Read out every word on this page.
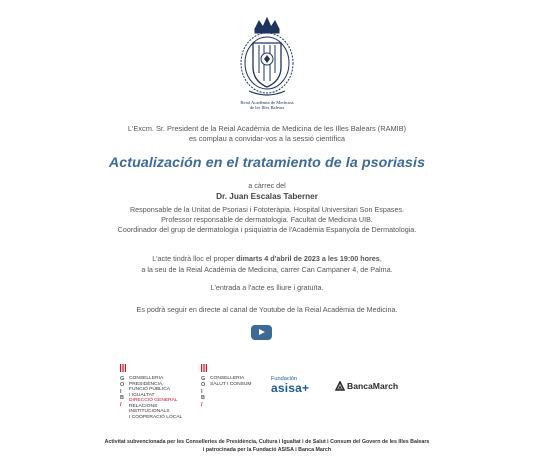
Reial Acadèmia de Medicina
de les Illes Balears
L'Excm. Sr. President de la Reial Acadèmia de Medicina de les Illes Balears (RAMIB)
es complau a convidar-vos a la sessió científica
Actualización en el tratamiento de la psoriasis
a càrrec del
Dr. Juan Escalas Taberner
Responsable de la Unitat de Psoriasi i Fototeràpia. Hospital Universitari Son Espases.
Professor responsable de dermatologia. Facultat de Medicina UIB.
Coordinador del grup de dermatologia i psiquiatria de l'Acadèmia Espanyola de Dermatologia.
L'acte tindrà lloc el proper dimarts 4 d'abril de 2023 a les 19:00 hores,
a la seu de la Reial Acadèmia de Medicina, carrer Can Campaner 4, de Palma.
L'entrada a l'acte es lliure i gratuïta.
Es podrà seguir en directe al canal de Youtube de la Reial Acadèmia de Medicina.
G
O
I
B
/
CONSELLERIA
PRESIDÈNCIA,
FUNCIÓ PÚBLICA
I IGUALTAT
DIRECCIÓ GENERAL
RELACIONS
INSTITUCIONALS
I COOPERACIÓ LOCAL
G
O
I
B
/
CONSELLERIA
SALUT I CONSUM
Fundación
asisa+	BancaMarch
Activitat subvencionada per les Conselleries de Presidència, Cultura i Igualtat i de Salut i Consum del Govern de les Illes Balears
i patrocinada per la Fundació ASISA i Banca March
